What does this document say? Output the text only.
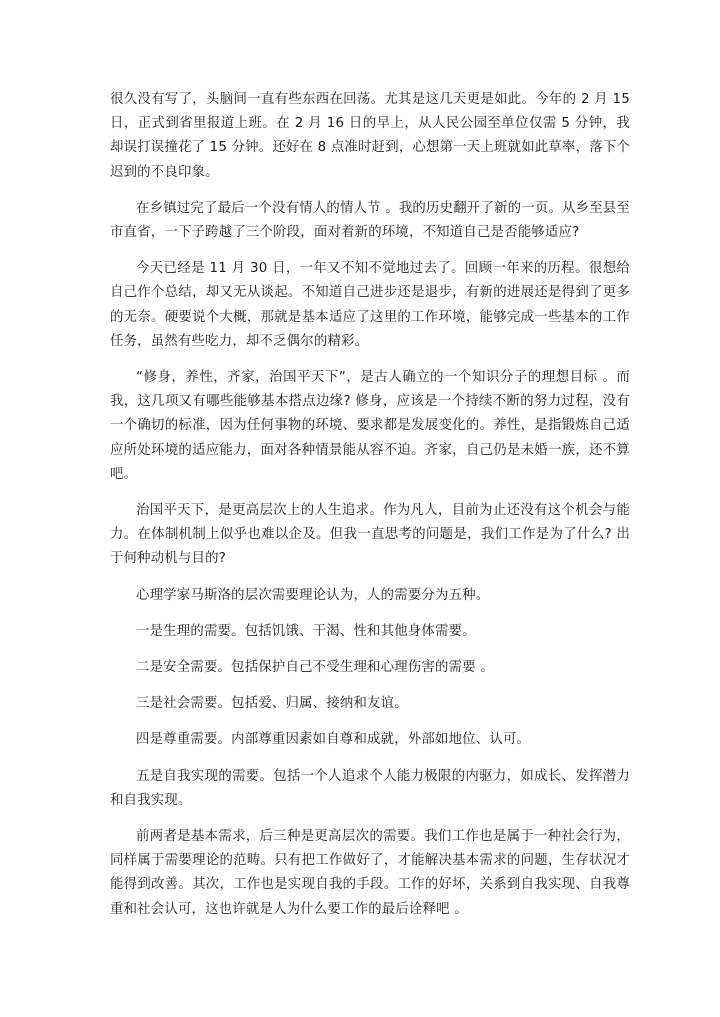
很久没有写了，头脑间一直有些东西在回荡。尤其是这几天更是如此。今年的 2 月 15 日，正式到省里报道上班。在 2 月 16 日的早上，从人民公园至单位仅需 5 分钟，我却误打误撞花了 15 分钟。还好在 8 点准时赶到，心想第一天上班就如此草率，落下个迟到的不良印象。

在乡镇过完了最后一个没有情人的情人节 。我的历史翻开了新的一页。从乡至县至市直省，一下子跨越了三个阶段，面对着新的环境，不知道自己是否能够适应?

今天已经是 11 月 30 日，一年又不知不觉地过去了。回顾一年来的历程。很想给自己作个总结，却又无从谈起。不知道自己进步还是退步，有新的进展还是得到了更多的无奈。硬要说个大概，那就是基本适应了这里的工作环境，能够完成一些基本的工作任务，虽然有些吃力，却不乏偶尔的精彩。

“修身，养性，齐家，治国平天下”，是古人确立的一个知识分子的理想目标 。而我，这几项又有哪些能够基本搭点边缘? 修身，应该是一个持续不断的努力过程，没有一个确切的标准，因为任何事物的环境、要求都是发展变化的。养性，是指锻炼自己适应所处环境的适应能力，面对各种情景能从容不迫。齐家，自己仍是未婚一族，还不算吧。

治国平天下，是更高层次上的人生追求。作为凡人，目前为止还没有这个机会与能力。在体制机制上似乎也难以企及。但我一直思考的问题是，我们工作是为了什么? 出于何种动机与目的?

心理学家马斯洛的层次需要理论认为，人的需要分为五种。

一是生理的需要。包括饥饿、干渴、性和其他身体需要。

二是安全需要。包括保护自己不受生理和心理伤害的需要 。

三是社会需要。包括爱、归属、接纳和友谊。

四是尊重需要。内部尊重因素如自尊和成就，外部如地位、认可。

五是自我实现的需要。包括一个人追求个人能力极限的内驱力，如成长、发挥潜力和自我实现。

前两者是基本需求，后三种是更高层次的需要。我们工作也是属于一种社会行为，同样属于需要理论的范畴。只有把工作做好了，才能解决基本需求的问题，生存状况才能得到改善。其次，工作也是实现自我的手段。工作的好坏，关系到自我实现、自我尊重和社会认可，这也许就是人为什么要工作的最后诠释吧 。
